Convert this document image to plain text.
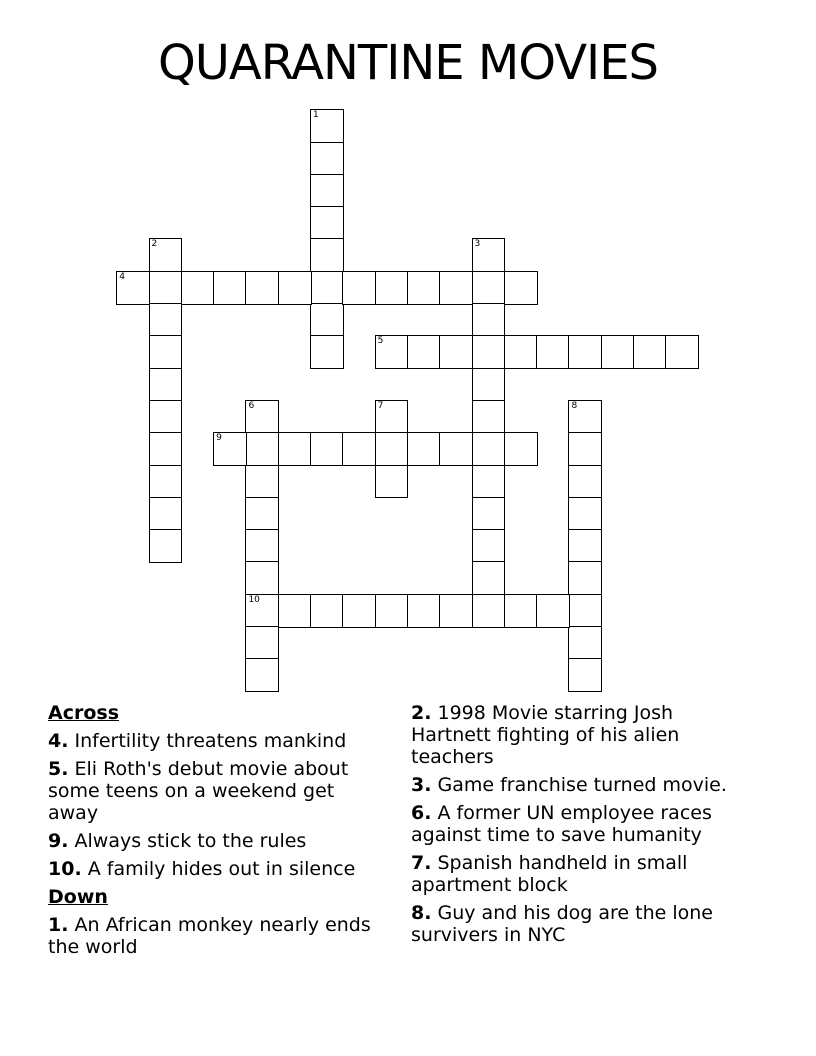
QUARANTINE MOVIES
1
2	3
4
5
6
10
7	8
9
Across
4. Infertility threatens mankind
5. Eli Roth's debut movie about some teens on a weekend get away
9. Always stick to the rules
10. A family hides out in silence
Down
1. An African monkey nearly ends the world
2. 1998 Movie starring Josh Hartnett fighting of his alien teachers
3. Game franchise turned movie.
6. A former UN employee races against time to save humanity
7. Spanish handheld in small apartment block
8. Guy and his dog are the lone survivers in NYC
